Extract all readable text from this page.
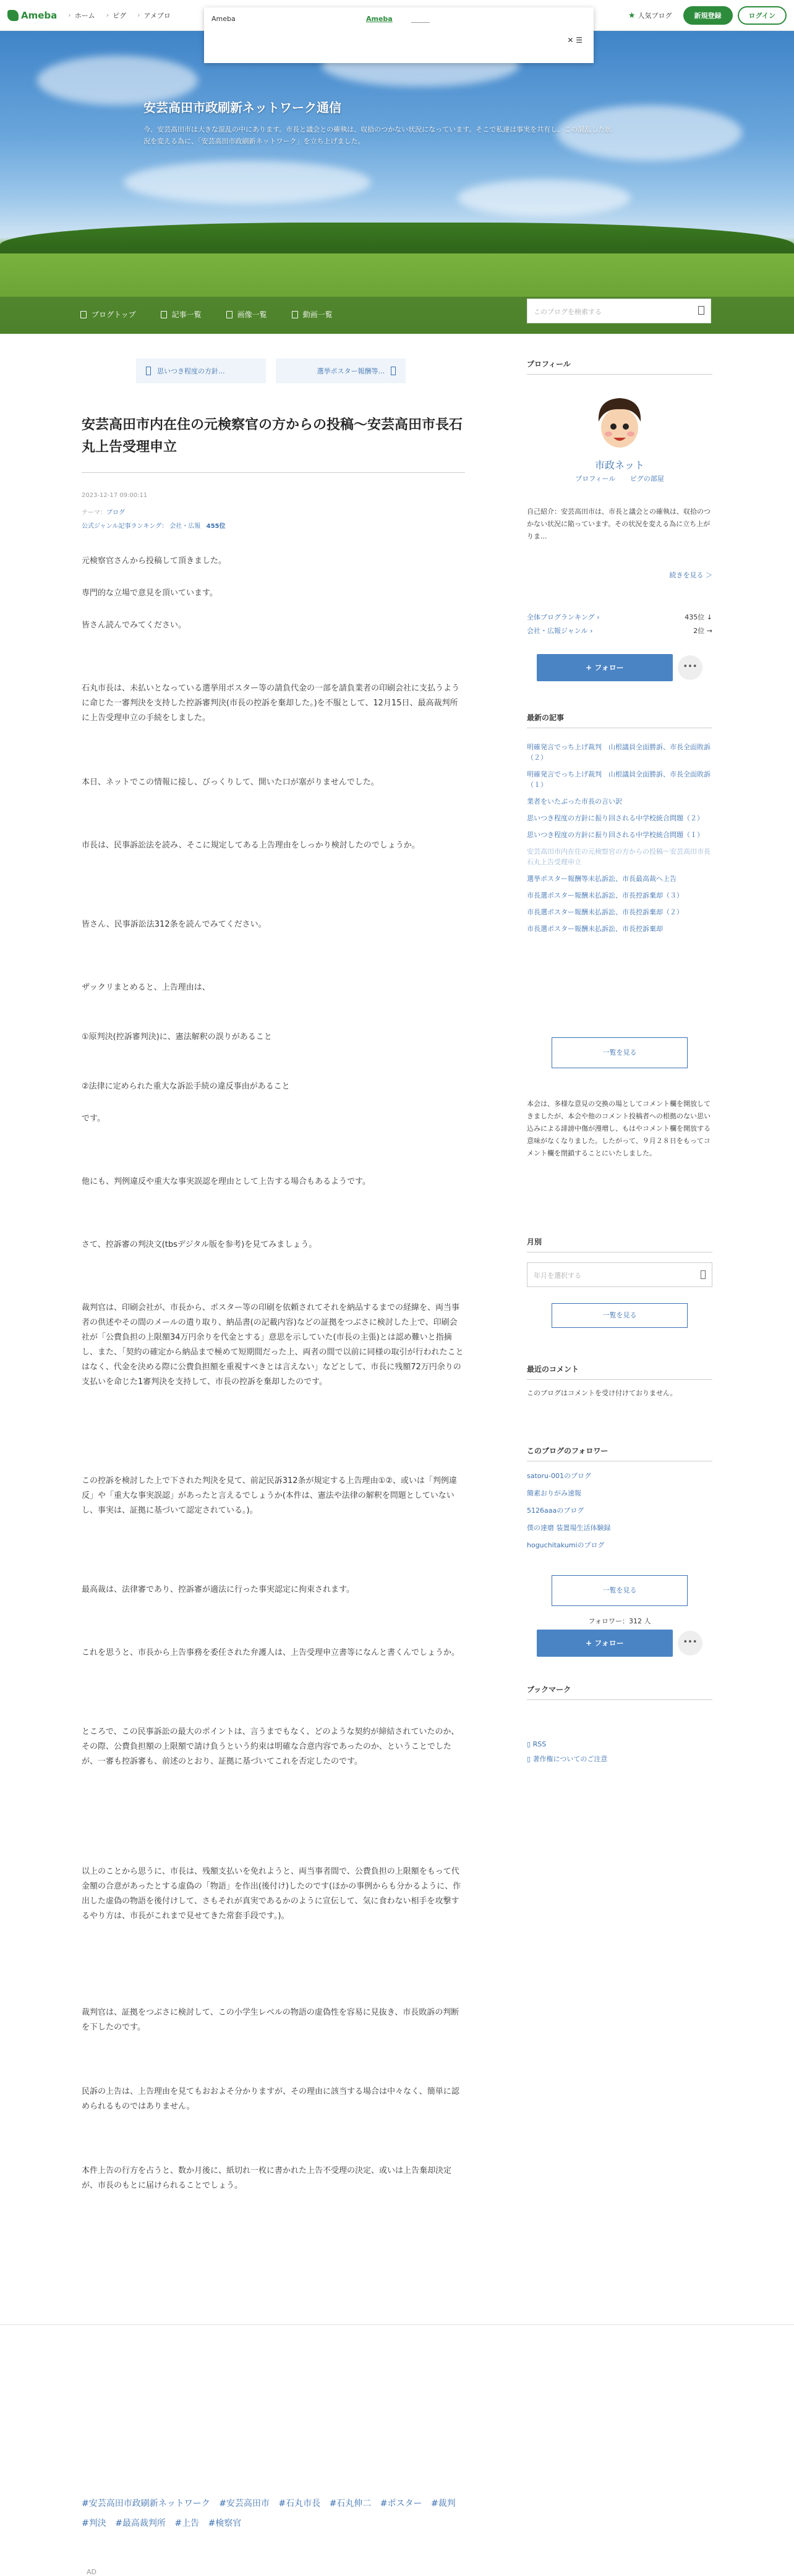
Ameba	› ホーム	› ピグ	› アメブロ	★ 人気ブログ	新規登録	ログイン
安芸高田市政刷新ネットワーク通信
今、安芸高田市は大きな混乱の中にあります。市長と議会との確執は、収拾のつかない状況になっています。そこで私達は事実を共有し、この混乱した状況を変える為に、「安芸高田市政刷新ネットワーク」を立ち上げました。
Ameba	Ameba
✕ ☰
ブログトップ	記事一覧	画像一覧	動画一覧	このブログを検索する
思いつき程度の方針...	選挙ポスター報酬等...
安芸高田市内在住の元検察官の方からの投稿〜安芸高田市長石丸上告受理申立
2023-12-17 09:00:11
テーマ：ブログ
公式ジャンル記事ランキング： 会社・広報 455位

元検察官さんから投稿して頂きました。

専門的な立場で意見を頂いています。

皆さん読んでみてください。

石丸市長は、未払いとなっている選挙用ポスター等の請負代金の一部を請負業者の印刷会社に支払うように命じた一審判決を支持した控訴審判決(市長の控訴を棄却した。)を不服として、12月15日、最高裁判所に上告受理申立の手続をしました。

本日、ネットでこの情報に接し、びっくりして、開いた口が塞がりませんでした。

市長は、民事訴訟法を読み、そこに規定してある上告理由をしっかり検討したのでしょうか。

皆さん、民事訴訟法312条を読んでみてください。

ザックリまとめると、上告理由は、

①原判決(控訴審判決)に、憲法解釈の誤りがあること

②法律に定められた重大な訴訟手続の違反事由があること

です。

他にも、判例違反や重大な事実誤認を理由として上告する場合もあるようです。

さて、控訴審の判決文(tbsデジタル版を参考)を見てみましょう。

裁判官は、印刷会社が、市長から、ポスター等の印刷を依頼されてそれを納品するまでの経緯を、両当事者の供述やその間のメールの遣り取り、納品書(の記載内容)などの証拠をつぶさに検討した上で、印刷会社が「公費負担の上限額34万円余りを代金とする」意思を示していた(市長の主張)とは認め難いと指摘し、また、「契約の確定から納品まで極めて短期間だった上、両者の間で以前に同様の取引が行われたことはなく、代金を決める際に公費負担額を重視すべきとは言えない」などとして、市長に残額72万円余りの支払いを命じた1審判決を支持して、市長の控訴を棄却したのです。

この控訴を検討した上で下された判決を見て、前記民訴312条が規定する上告理由①②、或いは「判例違反」や「重大な事実誤認」があったと言えるでしょうか(本件は、憲法や法律の解釈を問題としていないし、事実は、証拠に基づいて認定されている。)。

最高裁は、法律審であり、控訴審が適法に行った事実認定に拘束されます。

これを思うと、市長から上告事務を委任された弁護人は、上告受理申立書等になんと書くんでしょうか。

ところで、この民事訴訟の最大のポイントは、言うまでもなく、どのような契約が締結されていたのか、その際、公費負担額の上限額で請け負うという約束は明確な合意内容であったのか、ということでしたが、一審も控訴審も、前述のとおり、証拠に基づいてこれを否定したのです。

以上のことから思うに、市長は、残額支払いを免れようと、両当事者間で、公費負担の上限額をもって代金額の合意があったとする虚偽の「物語」を作出(後付け)したのです(ほかの事例からも分かるように、作出した虚偽の物語を後付けして、さもそれが真実であるかのように宣伝して、気に食わない相手を攻撃するやり方は、市長がこれまで見せてきた常套手段です。)。

裁判官は、証拠をつぶさに検討して、この小学生レベルの物語の虚偽性を容易に見抜き、市長敗訴の判断を下したのです。

民訴の上告は、上告理由を見てもおおよそ分かりますが、その理由に該当する場合は中々なく、簡単に認められるものではありません。

本件上告の行方を占うと、数か月後に、紙切れ一枚に書かれた上告不受理の決定、或いは上告棄却決定が、市長のもとに届けられることでしょう。

#安芸高田市政刷新ネットワーク #安芸高田市 #石丸市長 #石丸伸二 #ポスター #裁判 #判決 #最高裁判所 #上告 #検察官
AD
プロフィール
市政ネット
プロフィール ピグの部屋
自己紹介：安芸高田市は、市長と議会との確執は、収拾のつかない状況に陥っています。その状況を変える為に立ち上がりま...
続きを見る ＞
全体ブログランキング ›	435位 ↓
会社・広報ジャンル ›	2位 →
+ フォロー	•••
最新の記事
明確発言でっち上げ裁判　山根議員全面勝訴、市長全面敗訴（２）
明確発言でっち上げ裁判　山根議員全面勝訴、市長全面敗訴（１）
業者をいたぶった市長の言い訳
思いつき程度の方針に振り回される中学校統合問題（２）
思いつき程度の方針に振り回される中学校統合問題（１）
安芸高田市内在住の元検察官の方からの投稿〜安芸高田市長石丸上告受理申立
選挙ポスター報酬等未払訴訟、市長最高裁へ上告
市長選ポスター報酬未払訴訟、市長控訴棄却（３）
市長選ポスター報酬未払訴訟、市長控訴棄却（２）
市長選ポスター報酬未払訴訟、市長控訴棄却
一覧を見る
本会は、多様な意見の交換の場としてコメント欄を開放してきましたが、本会や他のコメント投稿者への根拠のない思い込みによる誹謗中傷が漫増し、もはやコメント欄を開放する意味がなくなりました。したがって、９月２８日をもってコメント欄を閉鎖することにいたしました。
月別
年月を選択する
一覧を見る
最近のコメント
このブログはコメントを受け付けておりません。
このブログのフォロワー
satoru-001のブログ
簡素おりがみ速報
5126aaaのブログ
僕の達磨 装置場生活体験録
hoguchitakumiのブログ
一覧を見る
フォロワー：312 人
+ フォロー	•••
ブックマーク
▯ RSS
▯ 著作権についてのご注意
